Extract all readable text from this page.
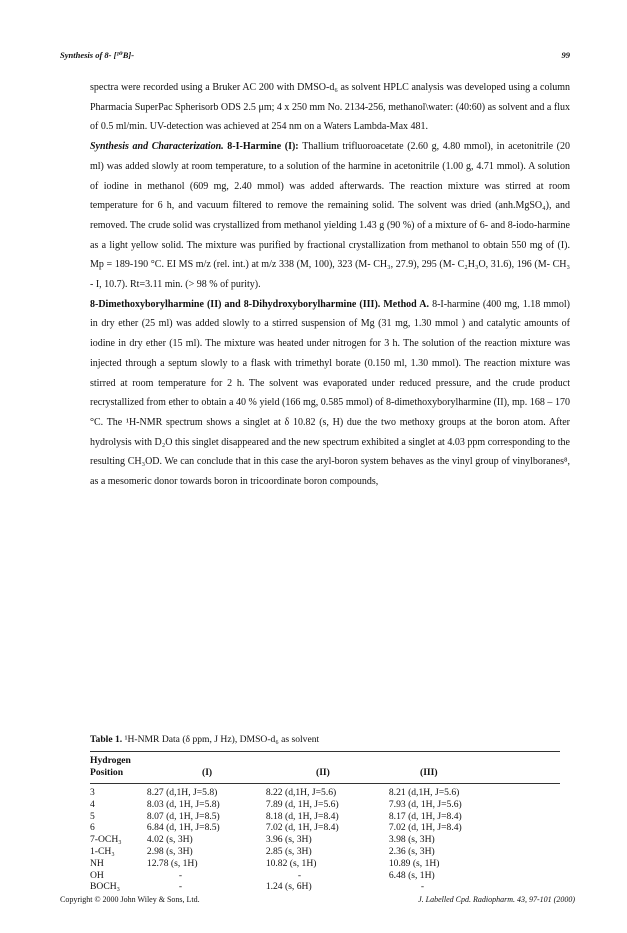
Synthesis of 8- [¹⁰B]-	99

spectra were recorded using a Bruker AC 200 with DMSO-d₆ as solvent HPLC analysis was developed using a column Pharmacia SuperPac Spherisorb ODS 2.5 μm; 4 x 250 mm No. 2134-256, methanol\water: (40:60) as solvent and a flux of 0.5 ml/min. UV-detection was achieved at 254 nm on a Waters Lambda-Max 481.

Synthesis and Characterization. 8-I-Harmine (I): Thallium trifluoroacetate (2.60 g, 4.80 mmol), in acetonitrile (20 ml) was added slowly at room temperature, to a solution of the harmine in acetonitrile (1.00 g, 4.71 mmol). A solution of iodine in methanol (609 mg, 2.40 mmol) was added afterwards. The reaction mixture was stirred at room temperature for 6 h, and vacuum filtered to remove the remaining solid. The solvent was dried (anh.MgSO₄), and removed. The crude solid was crystallized from methanol yielding 1.43 g (90 %) of a mixture of 6- and 8-iodo-harmine as a light yellow solid. The mixture was purified by fractional crystallization from methanol to obtain 550 mg of (I). Mp = 189-190 °C. EI MS m/z (rel. int.) at m/z 338 (M, 100), 323 (M- CH₃, 27.9), 295 (M- C₂H₃O, 31.6), 196 (M- CH₃ - I, 10.7). Rt=3.11 min. (> 98 % of purity).

8-Dimethoxyborylharmine (II) and 8-Dihydroxyborylharmine (III). Method A. 8-I-harmine (400 mg, 1.18 mmol) in dry ether (25 ml) was added slowly to a stirred suspension of Mg (31 mg, 1.30 mmol ) and catalytic amounts of iodine in dry ether (15 ml). The mixture was heated under nitrogen for 3 h. The solution of the reaction mixture was injected through a septum slowly to a flask with trimethyl borate (0.150 ml, 1.30 mmol). The reaction mixture was stirred at room temperature for 2 h. The solvent was evaporated under reduced pressure, and the crude product recrystallized from ether to obtain a 40 % yield (166 mg, 0.585 mmol) of 8-dimethoxyborylharmine (II), mp. 168 – 170 °C. The ¹H-NMR spectrum shows a singlet at δ 10.82 (s, H) due the two methoxy groups at the boron atom. After hydrolysis with D₂O this singlet disappeared and the new spectrum exhibited a singlet at 4.03 ppm corresponding to the resulting CH₃OD. We can conclude that in this case the aryl-boron system behaves as the vinyl group of vinylboranes⁸, as a mesomeric donor towards boron in tricoordinate boron compounds,

Table 1. ¹H-NMR Data (δ ppm, J Hz), DMSO-d₆ as solvent
Hydrogen
Position	(I)	(II)	(III)
3	8.27 (d,1H, J=5.8)	8.22 (d,1H, J=5.6)	8.21 (d,1H, J=5.6)
4	8.03 (d, 1H, J=5.8)	7.89 (d, 1H, J=5.6)	7.93 (d, 1H, J=5.6)
5	8.07 (d, 1H, J=8.5)	8.18 (d, 1H, J=8.4)	8.17 (d, 1H, J=8.4)
6	6.84 (d, 1H, J=8.5)	7.02 (d, 1H, J=8.4)	7.02 (d, 1H, J=8.4)
7-OCH₃	4.02 (s, 3H)	3.96 (s, 3H)	3.98 (s, 3H)
1-CH₃	2.98 (s, 3H)	2.85 (s, 3H)	2.36 (s, 3H)
NH	12.78 (s, 1H)	10.82 (s, 1H)	10.89 (s, 1H)
OH	-	-	6.48 (s, 1H)
BOCH₃	-	1.24 (s, 6H)	-
Copyright © 2000 John Wiley & Sons, Ltd.	J. Labelled Cpd. Radiopharm. 43, 97-101 (2000)
